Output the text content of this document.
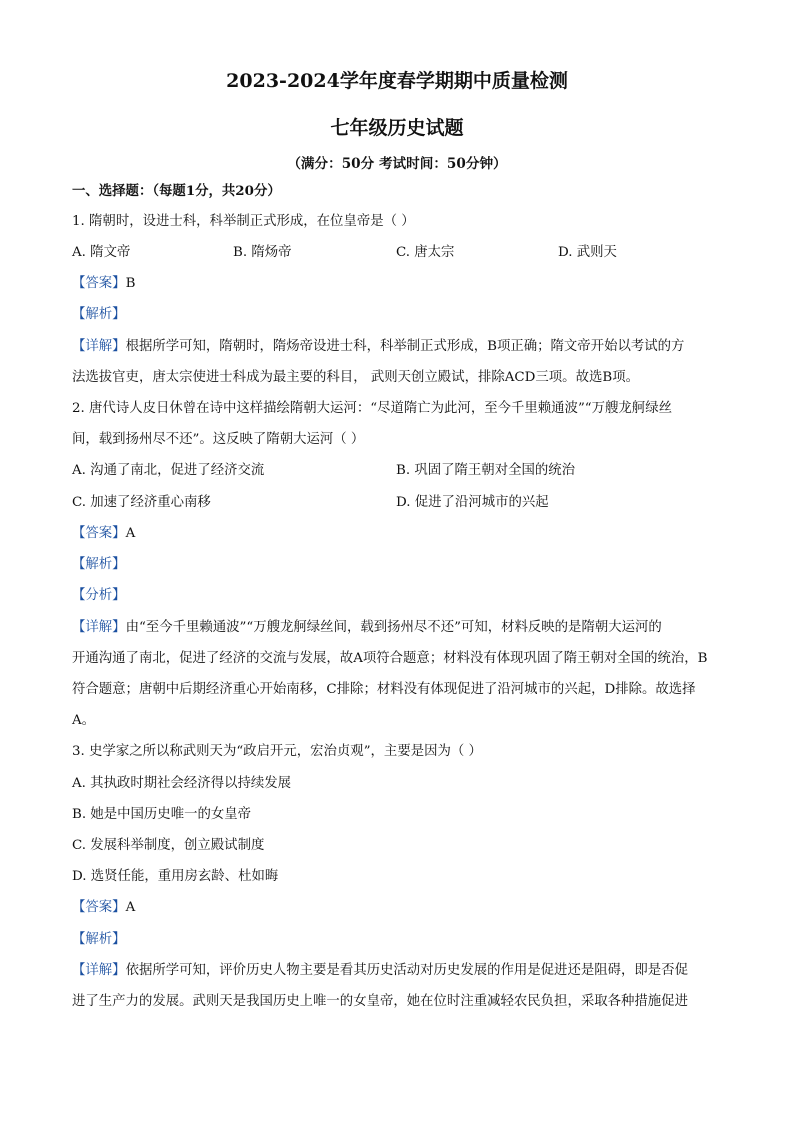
2023-2024学年度春学期期中质量检测
七年级历史试题
（满分：50分 考试时间：50分钟）
一、选择题：（每题1分，共20分）
1. 隋朝时，设进士科，科举制正式形成，在位皇帝是（ ）
A. 隋文帝	B. 隋炀帝	C. 唐太宗	D. 武则天
【答案】B
【解析】
【详解】根据所学可知，隋朝时，隋炀帝设进士科，科举制正式形成，B项正确；隋文帝开始以考试的方
法选拔官吏，唐太宗使进士科成为最主要的科目， 武则天创立殿试，排除ACD三项。故选B项。
2. 唐代诗人皮日休曾在诗中这样描绘隋朝大运河：“尽道隋亡为此河，至今千里赖通波”“万艘龙舸绿丝
间，载到扬州尽不还”。这反映了隋朝大运河（ ）
A. 沟通了南北，促进了经济交流	B. 巩固了隋王朝对全国的统治
C. 加速了经济重心南移	D. 促进了沿河城市的兴起
【答案】A
【解析】
【分析】
【详解】由“至今千里赖通波”“万艘龙舸绿丝间，载到扬州尽不还”可知，材料反映的是隋朝大运河的
开通沟通了南北，促进了经济的交流与发展，故A项符合题意；材料没有体现巩固了隋王朝对全国的统治，B
符合题意；唐朝中后期经济重心开始南移，C排除；材料没有体现促进了沿河城市的兴起，D排除。故选择
A。
3. 史学家之所以称武则天为“政启开元，宏治贞观”，主要是因为（ ）
A. 其执政时期社会经济得以持续发展
B. 她是中国历史唯一的女皇帝
C. 发展科举制度，创立殿试制度
D. 选贤任能，重用房玄龄、杜如晦
【答案】A
【解析】
【详解】依据所学可知，评价历史人物主要是看其历史活动对历史发展的作用是促进还是阻碍，即是否促
进了生产力的发展。武则天是我国历史上唯一的女皇帝，她在位时注重减轻农民负担，采取各种措施促进
